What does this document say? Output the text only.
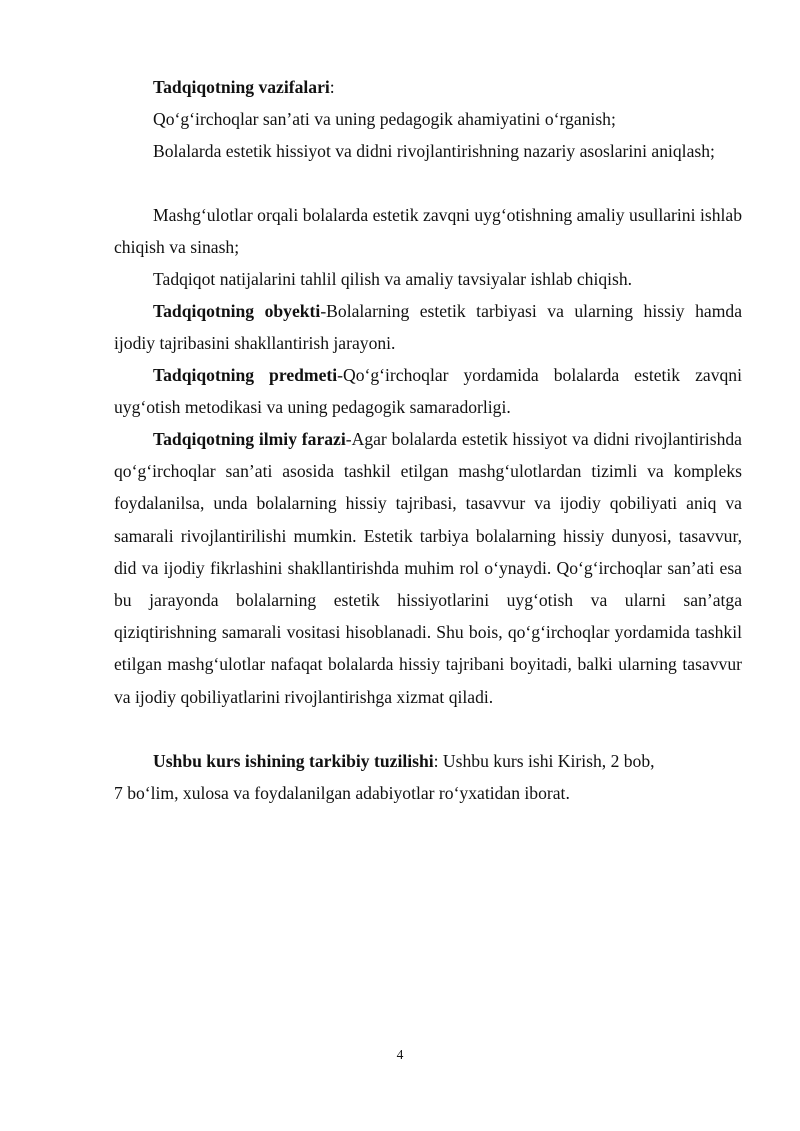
Tadqiqotning vazifalari:

Qo‘g‘irchoqlar san’ati va uning pedagogik ahamiyatini o‘rganish;

Bolalarda estetik hissiyot va didni rivojlantirishning nazariy asoslarini aniqlash;

Mashg‘ulotlar orqali bolalarda estetik zavqni uyg‘otishning amaliy usullarini ishlab chiqish va sinash;

Tadqiqot natijalarini tahlil qilish va amaliy tavsiyalar ishlab chiqish.

Tadqiqotning obyekti-Bolalarning estetik tarbiyasi va ularning hissiy hamda ijodiy tajribasini shakllantirish jarayoni.

Tadqiqotning predmeti-Qo‘g‘irchoqlar yordamida bolalarda estetik zavqni uyg‘otish metodikasi va uning pedagogik samaradorligi.

Tadqiqotning ilmiy farazi-Agar bolalarda estetik hissiyot va didni rivojlantirishda qo‘g‘irchoqlar san’ati asosida tashkil etilgan mashg‘ulotlardan tizimli va kompleks foydalanilsa, unda bolalarning hissiy tajribasi, tasavvur va ijodiy qobiliyati aniq va samarali rivojlantirilishi mumkin. Estetik tarbiya bolalarning hissiy dunyosi, tasavvur, did va ijodiy fikrlashini shakllantirishda muhim rol o‘ynaydi. Qo‘g‘irchoqlar san’ati esa bu jarayonda bolalarning estetik hissiyotlarini uyg‘otish va ularni san’atga qiziqtirishning samarali vositasi hisoblanadi. Shu bois, qo‘g‘irchoqlar yordamida tashkil etilgan mashg‘ulotlar nafaqat bolalarda hissiy tajribani boyitadi, balki ularning tasavvur va ijodiy qobiliyatlarini rivojlantirishga xizmat qiladi.

Ushbu kurs ishining tarkibiy tuzilishi: Ushbu kurs ishi Kirish, 2 bob,
7 bo‘lim, xulosa va foydalanilgan adabiyotlar ro‘yxatidan iborat.

4
